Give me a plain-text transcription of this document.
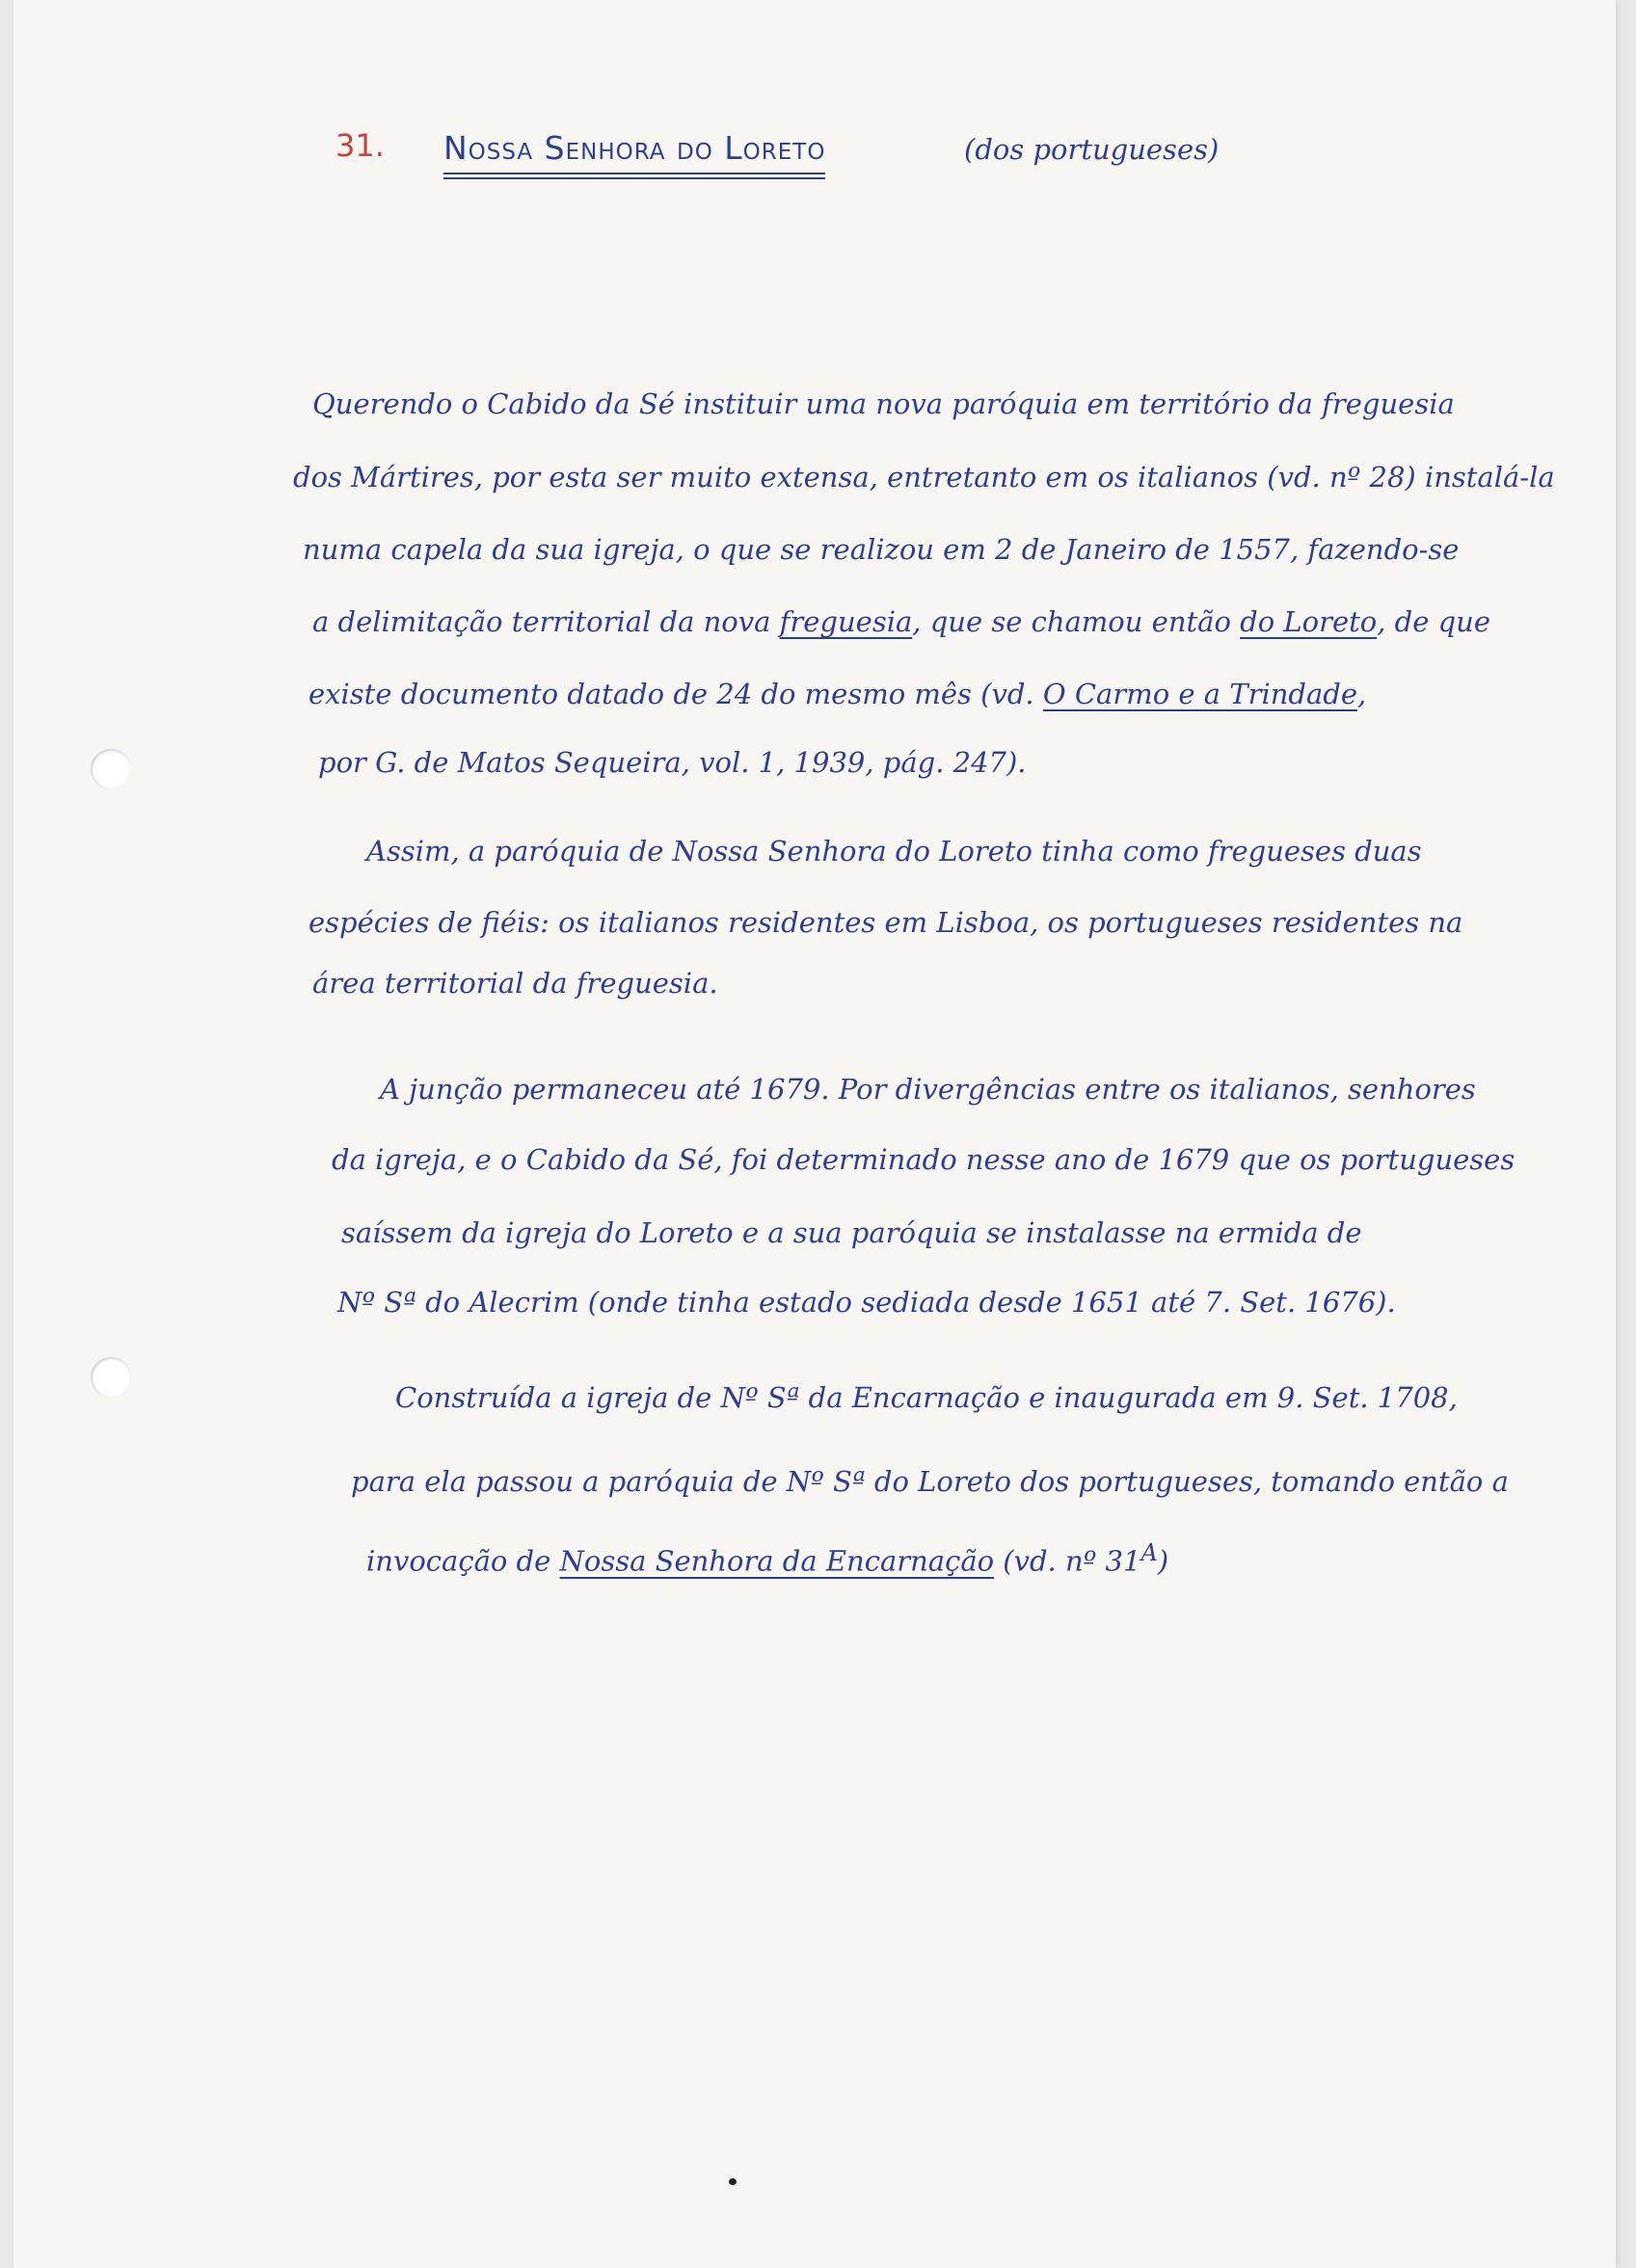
31. Nossa Senhora do Loreto	(dos portugueses)
Querendo o Cabido da Sé instituir uma nova paróquia em território da freguesia
dos Mártires, por esta ser muito extensa, entretanto em os italianos (vd. nº 28) instalá-la
numa capela da sua igreja, o que se realizou em 2 de Janeiro de 1557, fazendo-se
a delimitação territorial da nova freguesia, que se chamou então do Loreto, de que
existe documento datado de 24 do mesmo mês (vd. O Carmo e a Trindade,
por G. de Matos Sequeira, vol. 1, 1939, pág. 247).
Assim, a paróquia de Nossa Senhora do Loreto tinha como fregueses duas
espécies de fiéis: os italianos residentes em Lisboa, os portugueses residentes na
área territorial da freguesia.
A junção permaneceu até 1679. Por divergências entre os italianos, senhores
da igreja, e o Cabido da Sé, foi determinado nesse ano de 1679 que os portugueses
saíssem da igreja do Loreto e a sua paróquia se instalasse na ermida de
Nº Sª do Alecrim (onde tinha estado sediada desde 1651 até 7. Set. 1676).
Construída a igreja de Nº Sª da Encarnação e inaugurada em 9. Set. 1708,
para ela passou a paróquia de Nº Sª do Loreto dos portugueses, tomando então a
invocação de Nossa Senhora da Encarnação (vd. nº $31^A$)
